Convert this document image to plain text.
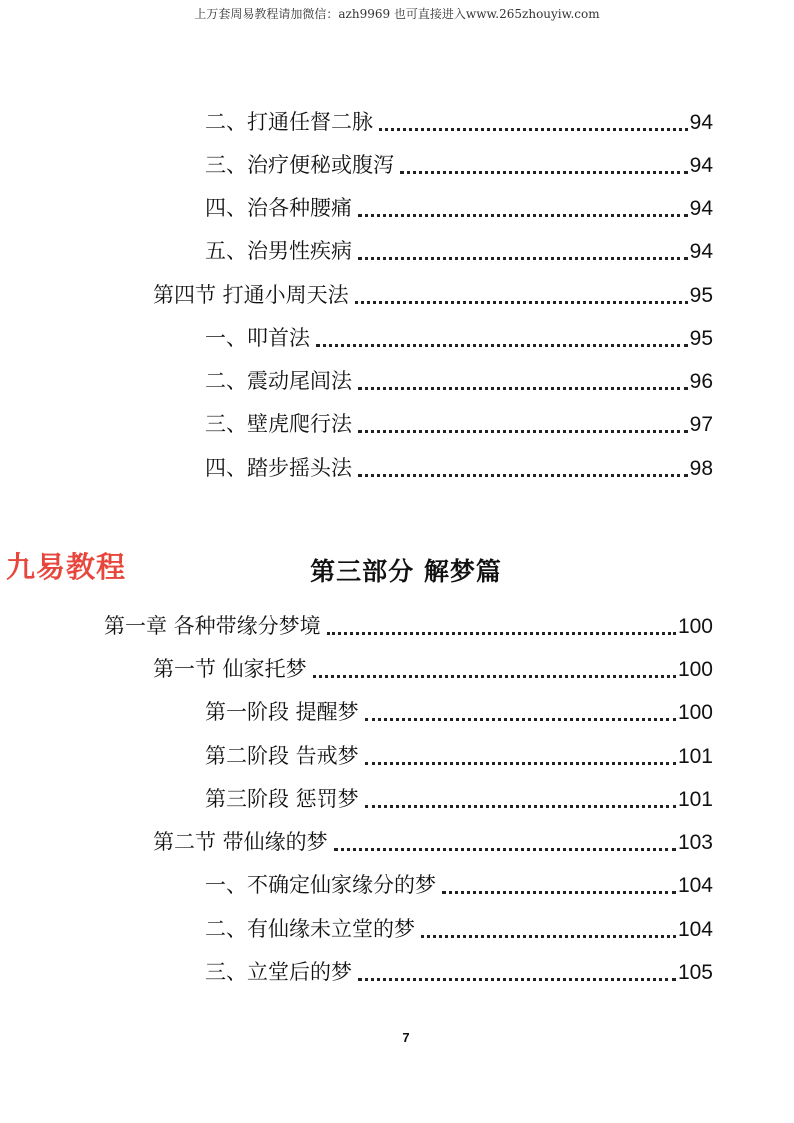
上万套周易教程请加微信：azh9969 也可直接进入www.265zhouyiw.com
二、打通任督二脉	94
三、治疗便秘或腹泻	94
四、治各种腰痛	94
五、治男性疾病	94
第四节 打通小周天法	95
一、叩首法	95
二、震动尾闾法	96
三、壁虎爬行法	97
四、踏步摇头法	98
九易教程	第三部分 解梦篇
第一章 各种带缘分梦境	100
第一节 仙家托梦	100
第一阶段 提醒梦	100
第二阶段 告戒梦	101
第三阶段 惩罚梦	101
第二节 带仙缘的梦	103
一、不确定仙家缘分的梦	104
二、有仙缘未立堂的梦	104
三、立堂后的梦	105
7
